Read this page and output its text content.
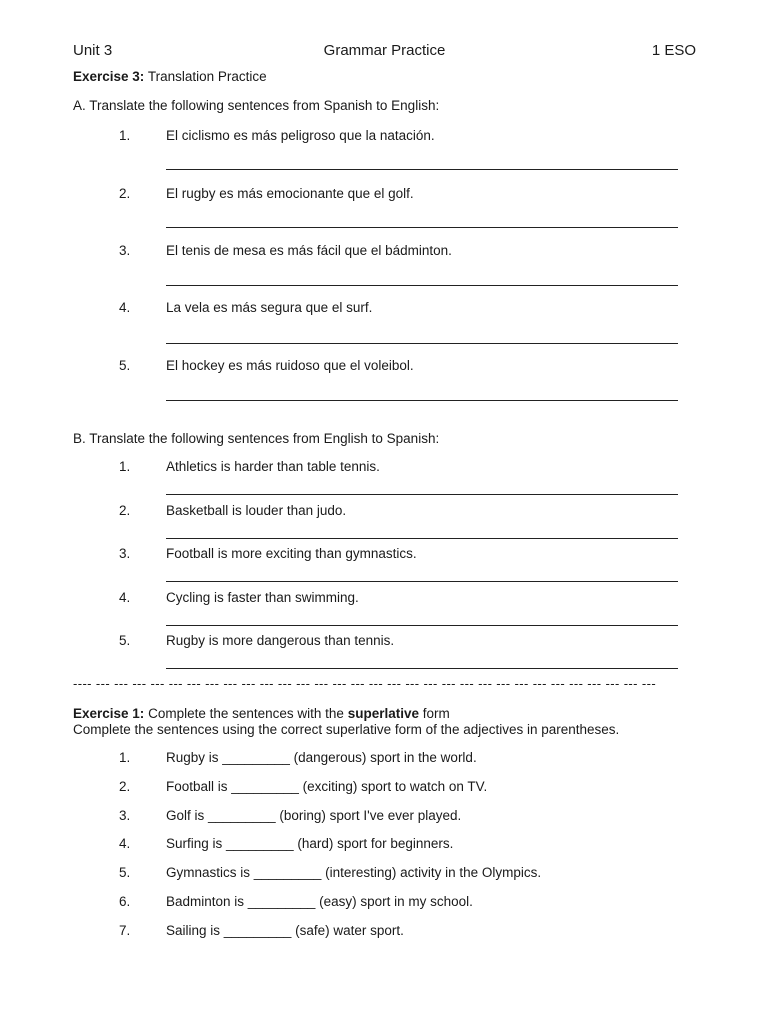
Unit 3	Grammar Practice	1 ESO
Exercise 3: Translation Practice
A. Translate the following sentences from Spanish to English:
1.	El ciclismo es más peligroso que la natación.
2.	El rugby es más emocionante que el golf.
3.	El tenis de mesa es más fácil que el bádminton.
4.	La vela es más segura que el surf.
5.	El hockey es más ruidoso que el voleibol.
B. Translate the following sentences from English to Spanish:
1.	Athletics is harder than table tennis.
2.	Basketball is louder than judo.
3.	Football is more exciting than gymnastics.
4.	Cycling is faster than swimming.
5.	Rugby is more dangerous than tennis.
---- --- --- --- --- --- --- --- --- --- --- --- --- --- --- --- --- --- --- --- --- --- --- --- --- --- --- --- --- --- --- ---
Exercise 1: Complete the sentences with the superlative form
Complete the sentences using the correct superlative form of the adjectives in parentheses.
1.	Rugby is _________ (dangerous) sport in the world.
2.	Football is _________ (exciting) sport to watch on TV.
3.	Golf is _________ (boring) sport I've ever played.
4.	Surfing is _________ (hard) sport for beginners.
5.	Gymnastics is _________ (interesting) activity in the Olympics.
6.	Badminton is _________ (easy) sport in my school.
7.	Sailing is _________ (safe) water sport.
